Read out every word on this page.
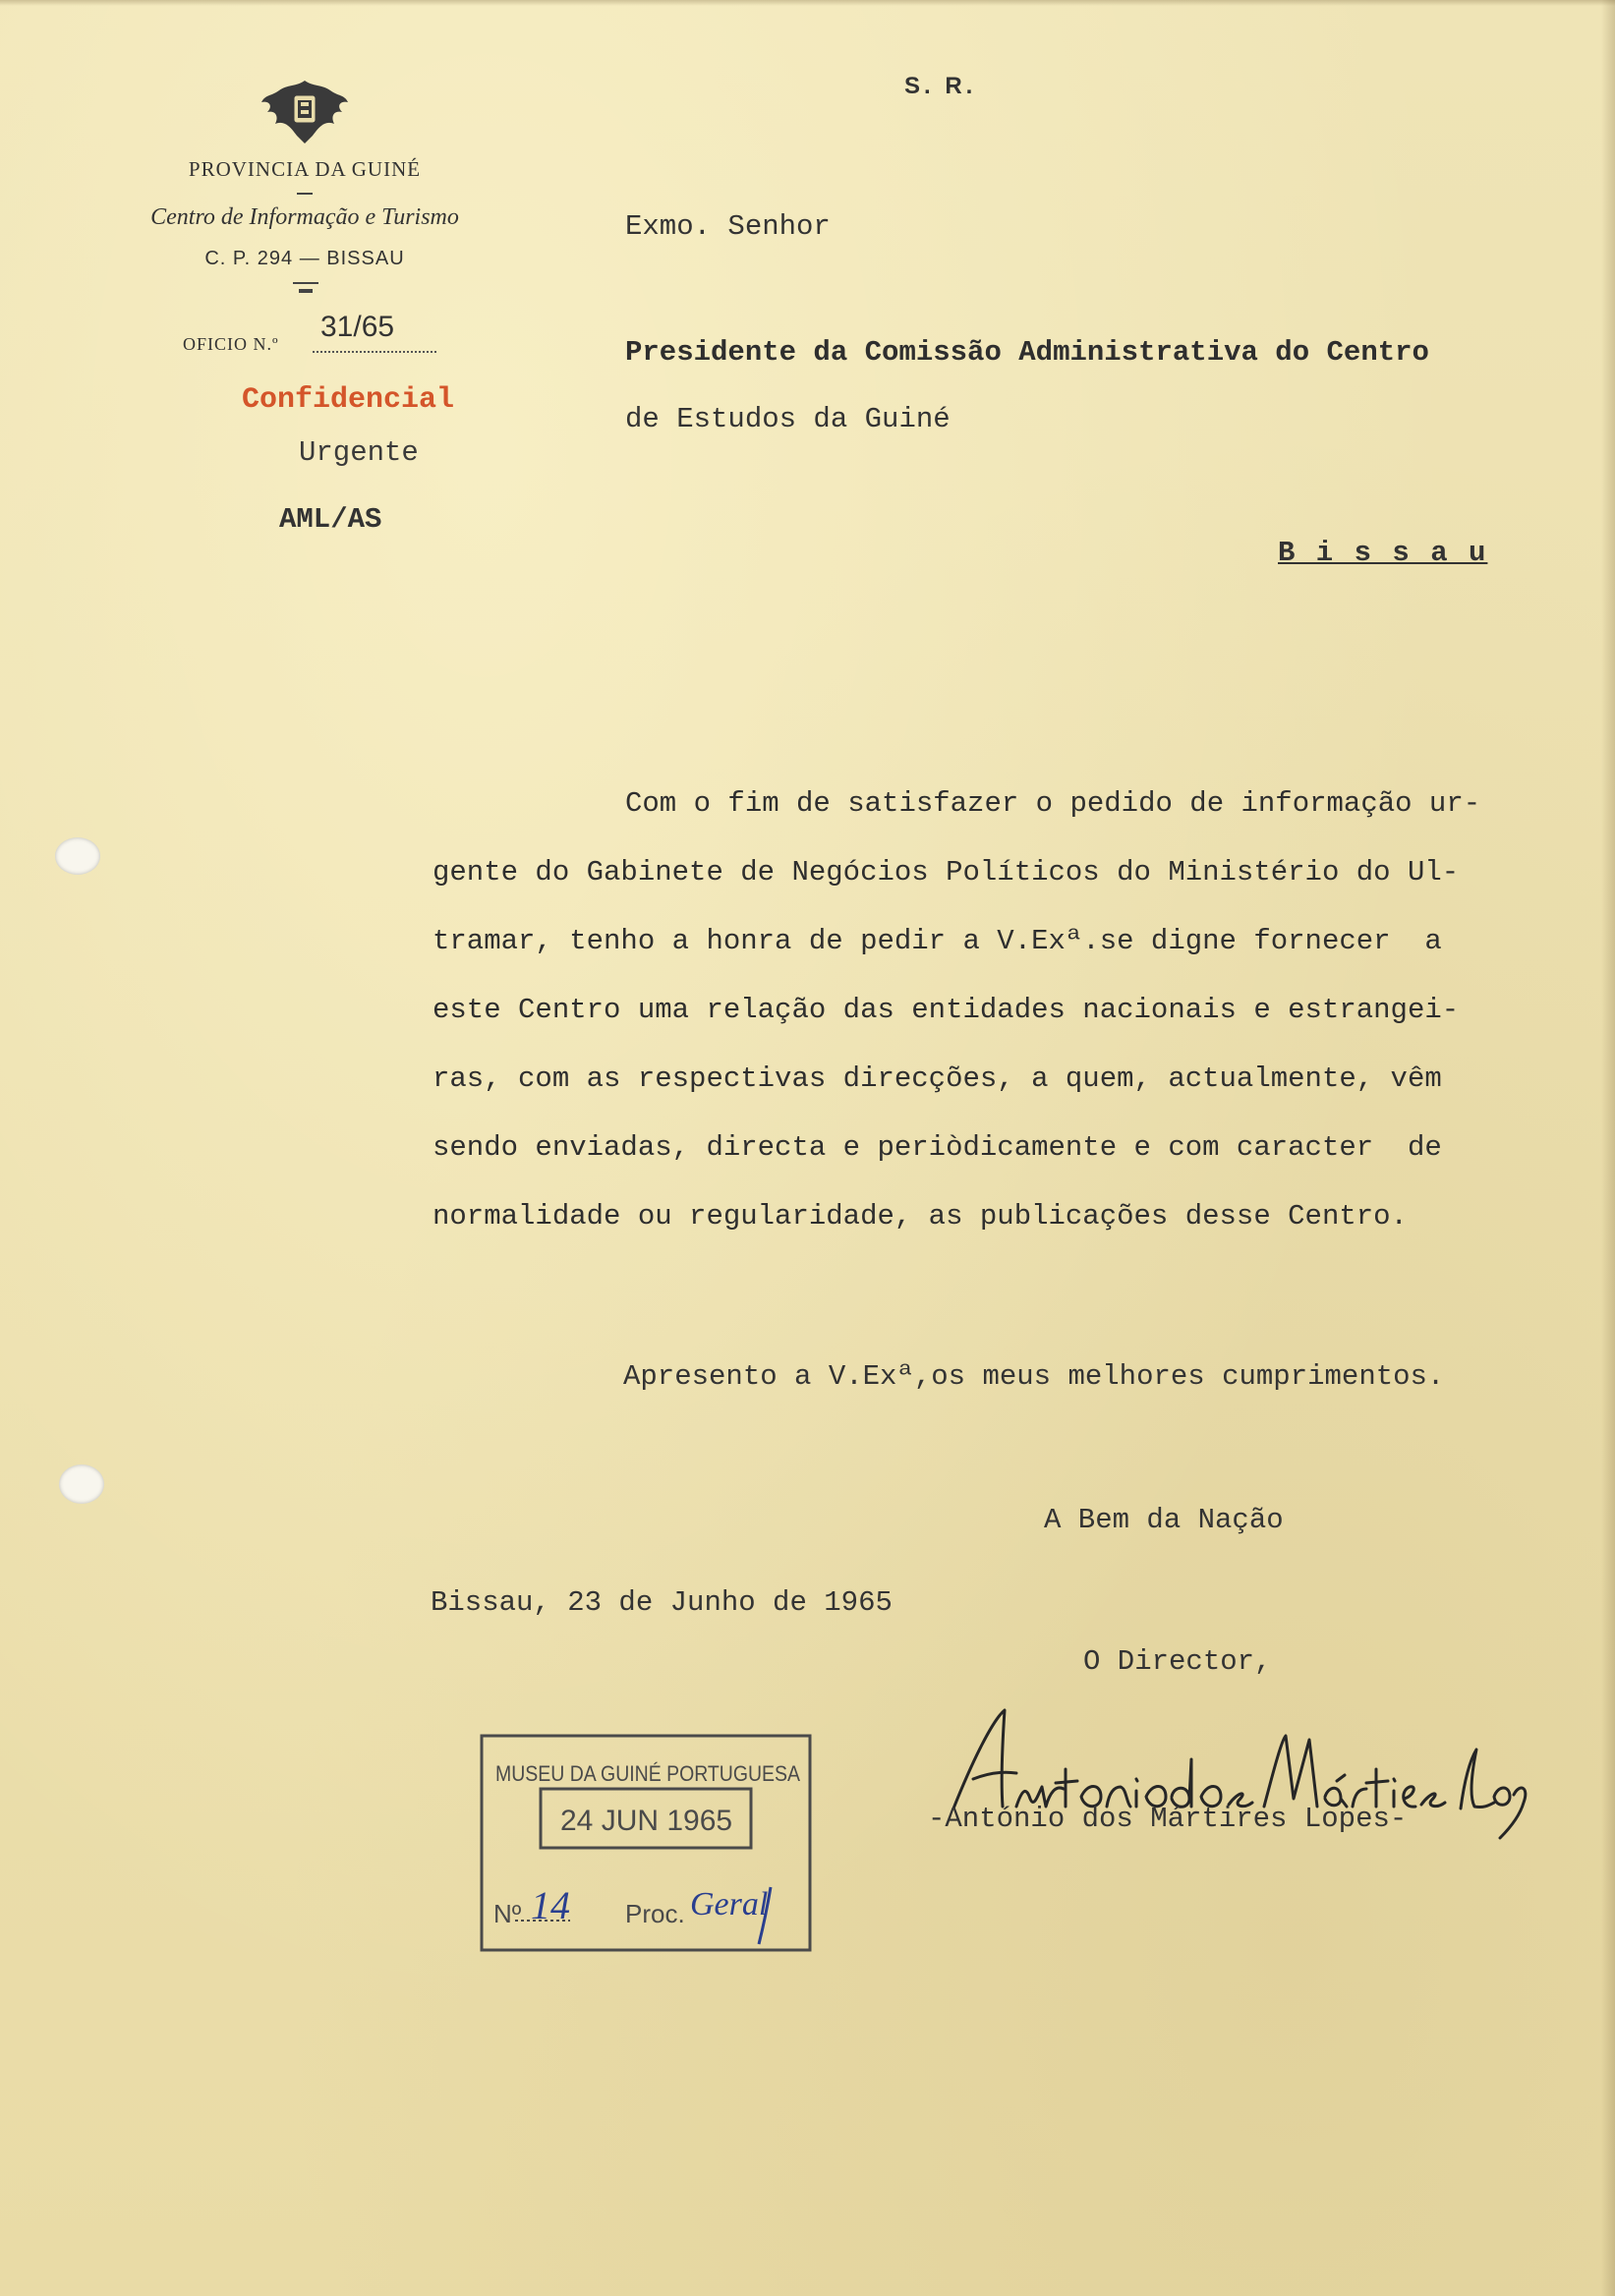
PROVINCIA DA GUINÉ
Centro de Informação e Turismo
C. P. 294 — BISSAU
OFICIO N.º
31/65
Confidencial
Urgente
AML/AS
S. R.
Exmo. Senhor
Presidente da Comissão Administrativa do Centro
de Estudos da Guiné
B i s s a u
Com o fim de satisfazer o pedido de informação ur-
gente do Gabinete de Negócios Políticos do Ministério do Ul-
tramar, tenho a honra de pedir a V.Exª.se digne fornecer  a
este Centro uma relação das entidades nacionais e estrangei-
ras, com as respectivas direcções, a quem, actualmente, vêm
sendo enviadas, directa e periòdicamente e com caracter  de
normalidade ou regularidade, as publicações desse Centro.
Apresento a V.Exª,os meus melhores cumprimentos.
A Bem da Nação
Bissau, 23 de Junho de 1965
O Director,
-António dos Mártires Lopes-
MUSEU DA GUINÉ PORTUGUESA
24 JUN 1965
Nº 14 Proc. Geral
